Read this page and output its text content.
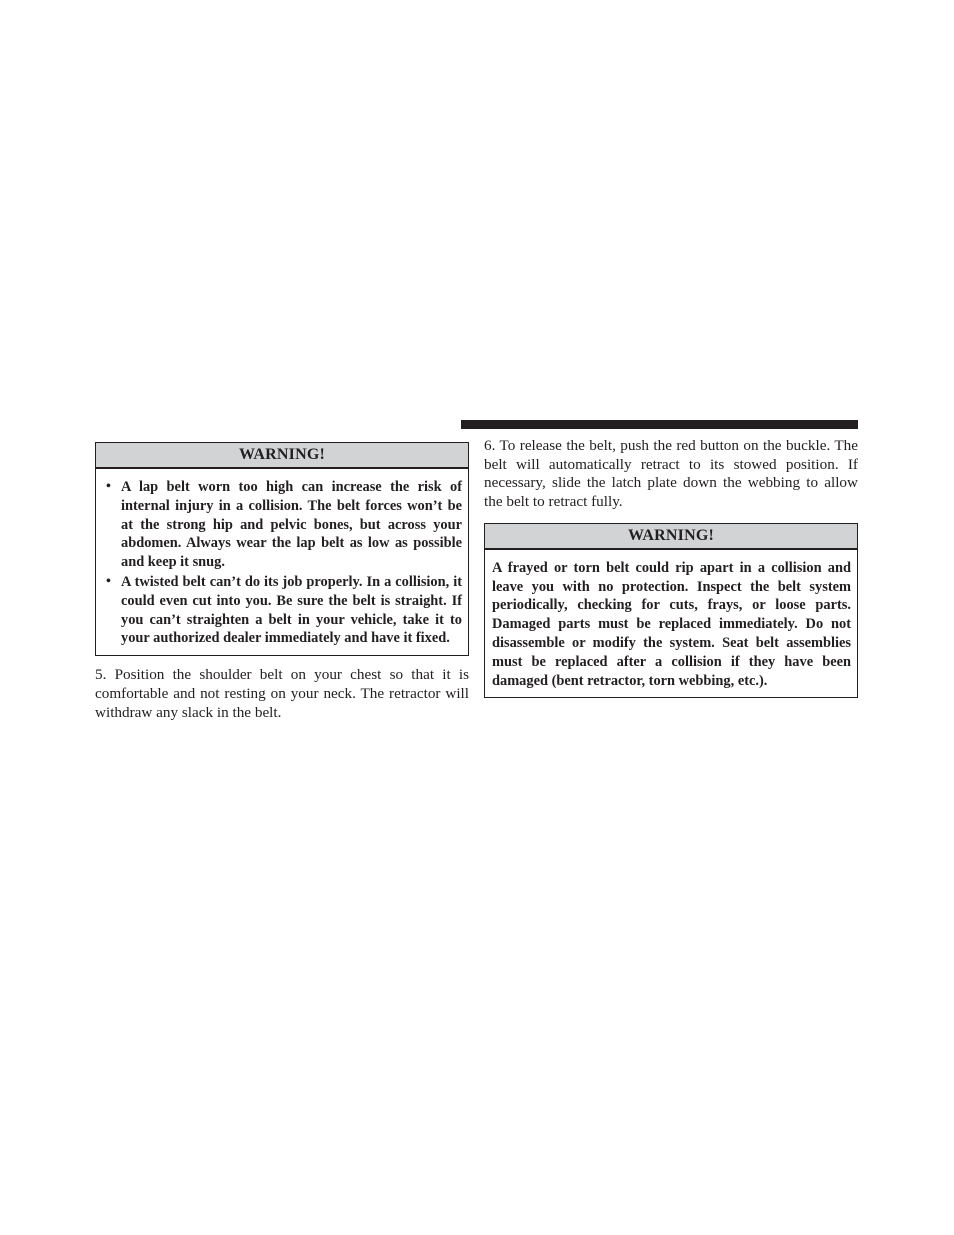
WARNING!
• A lap belt worn too high can increase the risk of internal injury in a collision. The belt forces won’t be at the strong hip and pelvic bones, but across your abdomen. Always wear the lap belt as low as possible and keep it snug.
• A twisted belt can’t do its job properly. In a collision, it could even cut into you. Be sure the belt is straight. If you can’t straighten a belt in your vehicle, take it to your authorized dealer immediately and have it fixed.

5. Position the shoulder belt on your chest so that it is comfortable and not resting on your neck. The retractor will withdraw any slack in the belt.

6. To release the belt, push the red button on the buckle. The belt will automatically retract to its stowed position. If necessary, slide the latch plate down the webbing to allow the belt to retract fully.

WARNING!
A frayed or torn belt could rip apart in a collision and leave you with no protection. Inspect the belt system periodically, checking for cuts, frays, or loose parts. Damaged parts must be replaced immediately. Do not disassemble or modify the system. Seat belt assemblies must be replaced after a collision if they have been damaged (bent retractor, torn webbing, etc.).
